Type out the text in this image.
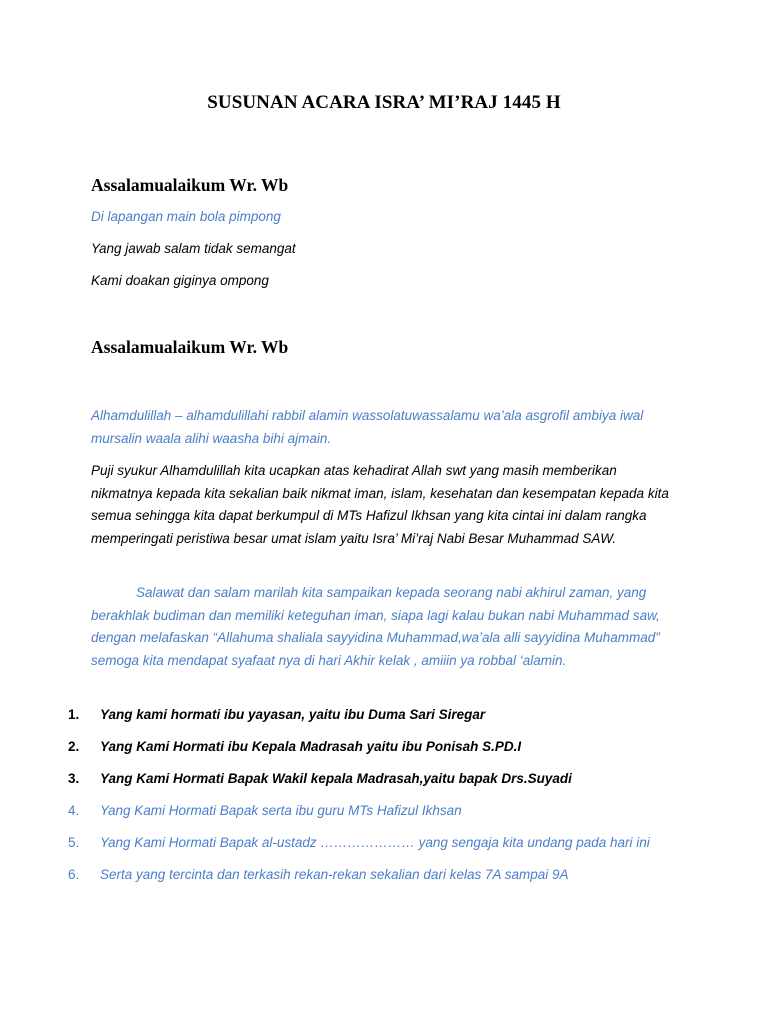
SUSUNAN ACARA ISRA’ MI’RAJ 1445 H
Assalamualaikum Wr. Wb
Di lapangan main bola pimpong
Yang jawab salam tidak semangat
Kami doakan giginya ompong
Assalamualaikum Wr. Wb
Alhamdulillah – alhamdulillahi rabbil alamin wassolatuwassalamu wa’ala asgrofil ambiya iwal mursalin waala alihi waasha bihi ajmain.
Puji syukur Alhamdulillah kita ucapkan atas kehadirat Allah swt yang masih memberikan nikmatnya kepada kita sekalian baik nikmat iman, islam, kesehatan dan kesempatan kepada kita semua sehingga kita dapat berkumpul di MTs Hafizul Ikhsan yang kita cintai ini dalam rangka memperingati peristiwa besar umat islam yaitu Isra’ Mi’raj Nabi Besar Muhammad SAW.
Salawat dan salam marilah kita sampaikan kepada seorang nabi akhirul zaman, yang berakhlak budiman dan memiliki keteguhan iman, siapa lagi kalau bukan nabi Muhammad saw, dengan melafaskan “Allahuma shaliala sayyidina Muhammad,wa’ala alli sayyidina Muhammad” semoga kita mendapat syafaat nya di hari Akhir kelak , amiiin ya robbal ‘alamin.
1. Yang kami hormati ibu yayasan, yaitu ibu Duma Sari Siregar
2. Yang Kami Hormati ibu Kepala Madrasah yaitu ibu Ponisah S.PD.I
3. Yang Kami Hormati Bapak Wakil kepala Madrasah,yaitu bapak Drs.Suyadi
4. Yang Kami Hormati Bapak serta ibu guru MTs Hafizul Ikhsan
5. Yang Kami Hormati Bapak al-ustadz ………………… yang sengaja kita undang pada hari ini
6. Serta yang tercinta dan terkasih rekan-rekan sekalian dari kelas 7A sampai 9A
